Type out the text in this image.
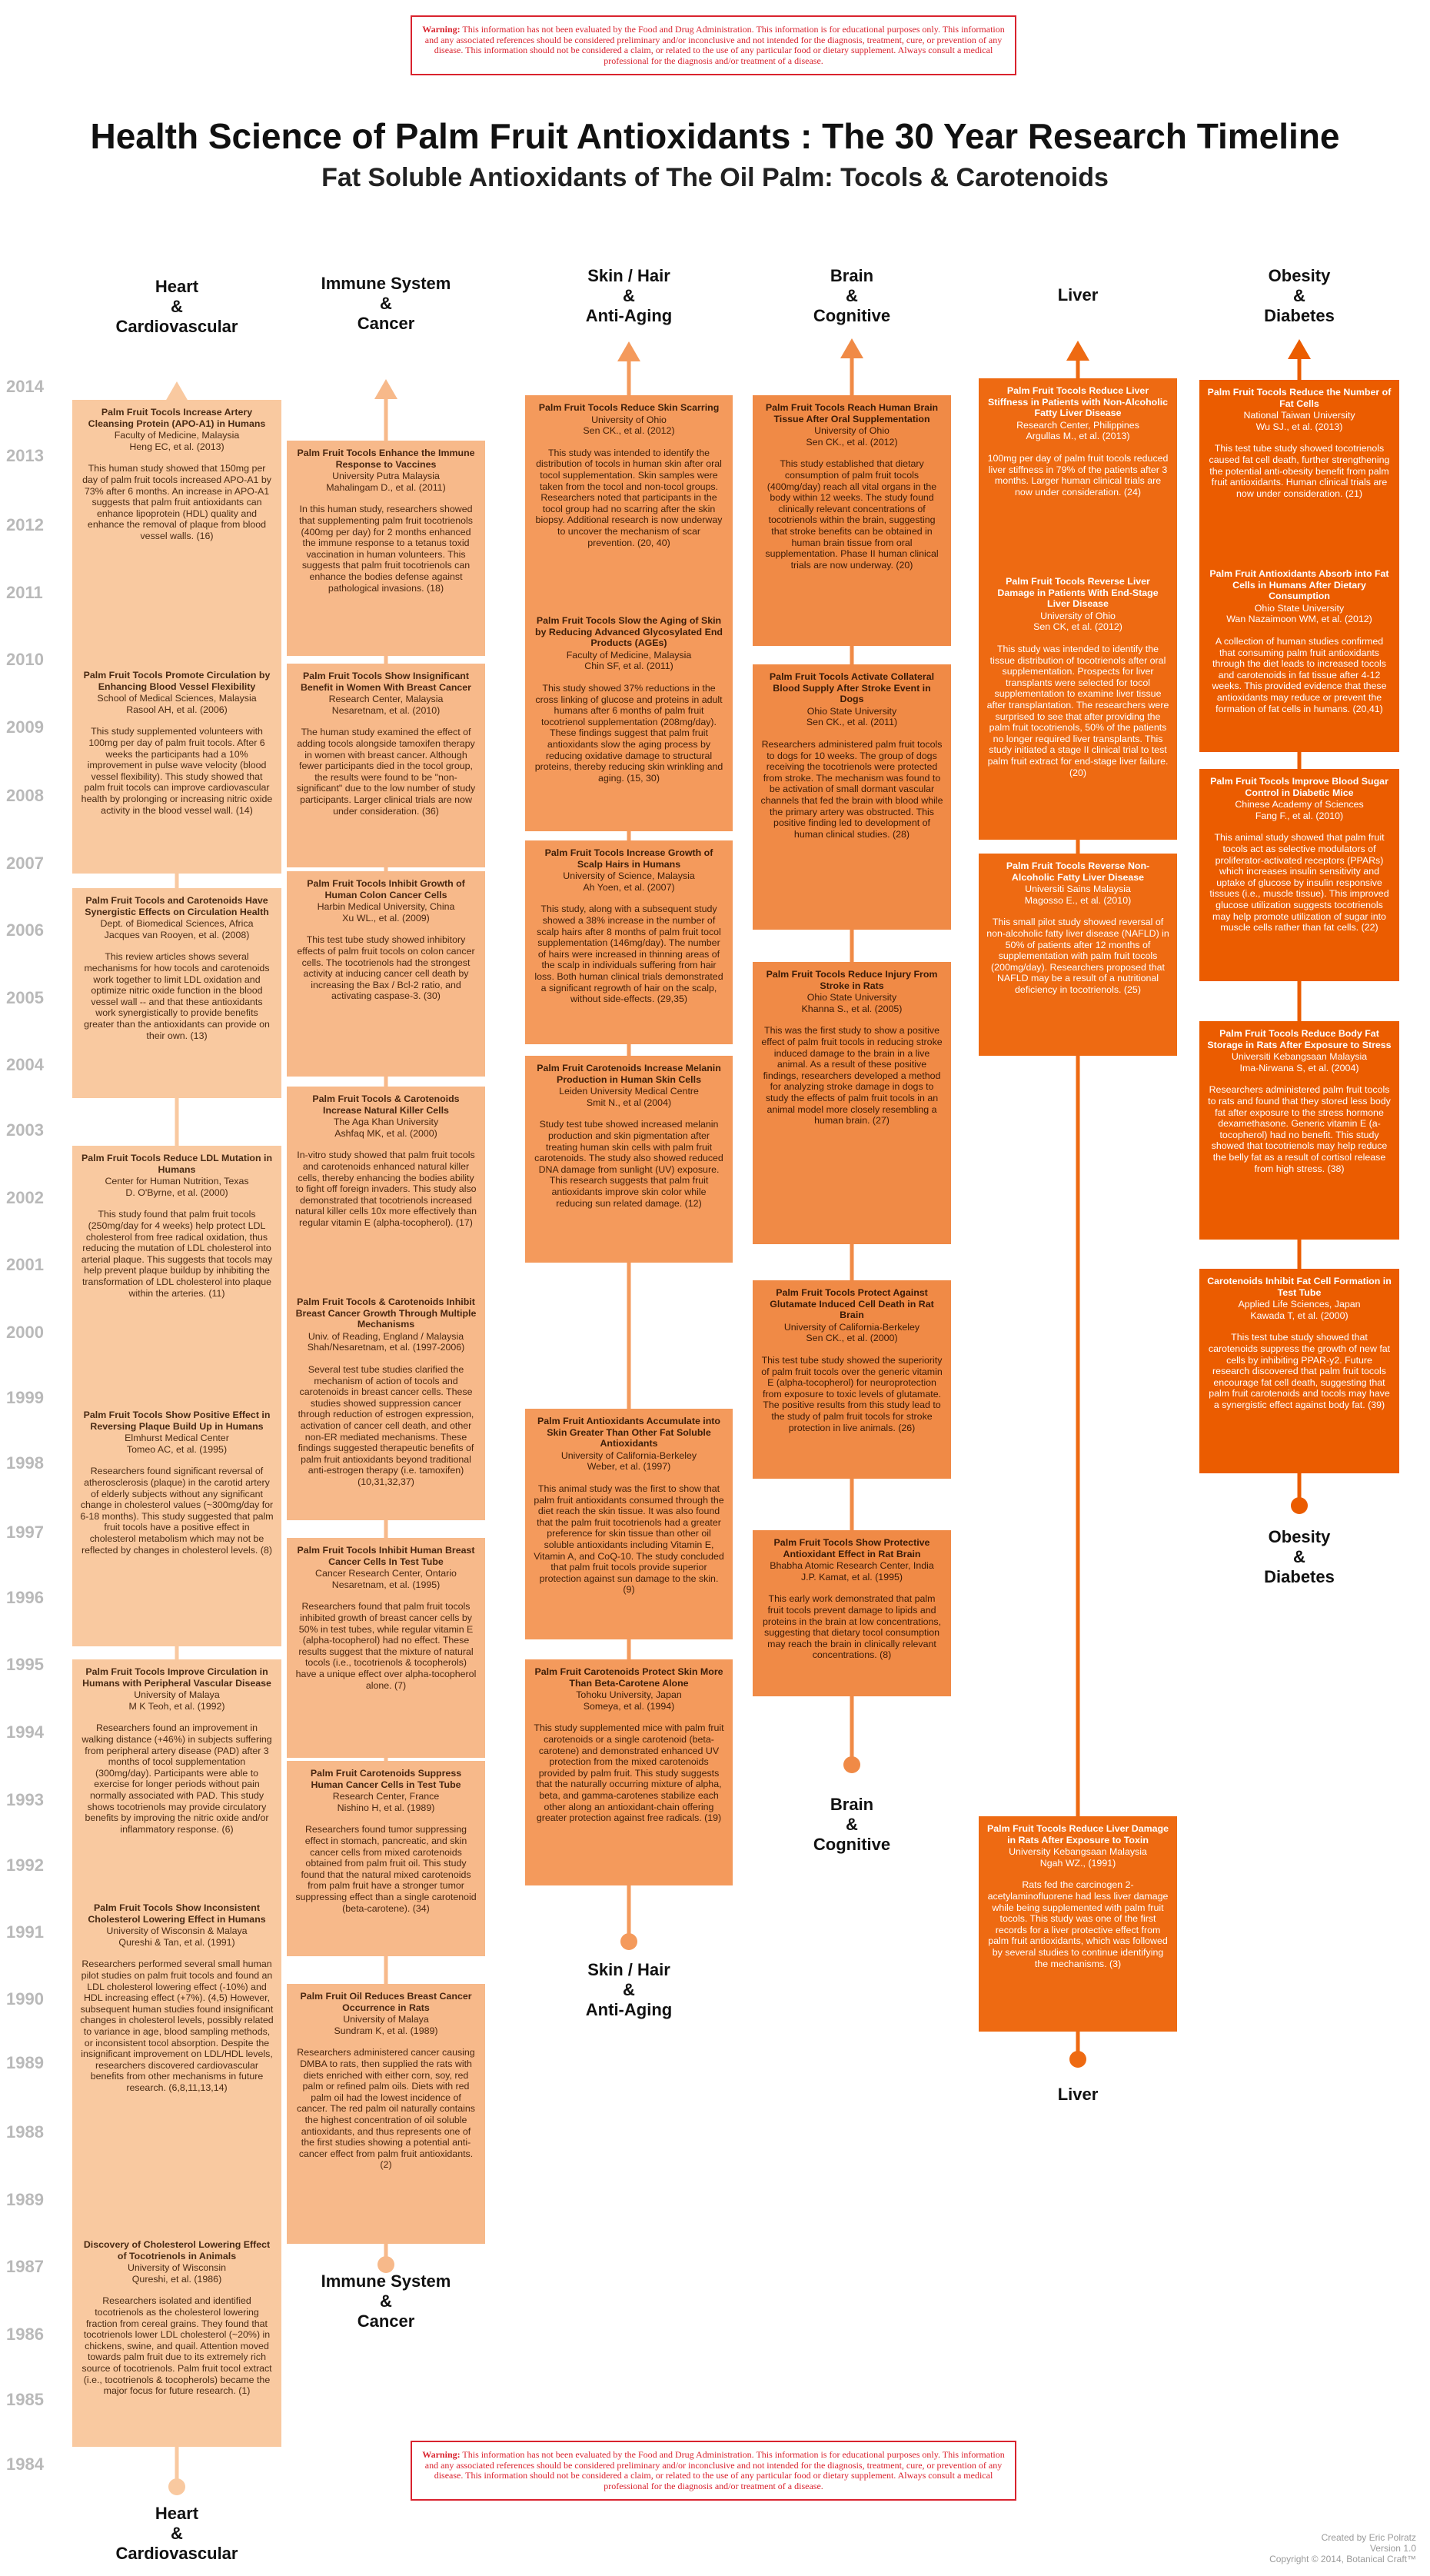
Warning: This information has not been evaluated by the Food and Drug Administration. This information is for educational purposes only. This information and any associated references should be considered preliminary and/or inconclusive and not intended for the diagnosis, treatment, cure, or prevention of any disease. This information should not be considered a claim, or related to the use of any particular food or dietary supplement. Always consult a medical professional for the diagnosis and/or treatment of a disease.
Health Science of Palm Fruit Antioxidants : The 30 Year Research Timeline
Fat Soluble Antioxidants of The Oil Palm: Tocols & Carotenoids
2014
2013
2012
2011
2010
2009
2008
2007
2006
2005
2004
2003
2002
2001
2000
1999
1998
1997
1996
1995
1994
1993
1992
1991
1990
1989
1988
1989
1987
1986
1985
1984
Heart
&
Cardiovascular
Heart
&
Cardiovascular
Immune System
&
Cancer
Immune System
&
Cancer
Skin / Hair
&
Anti-Aging
Skin / Hair
&
Anti-Aging
Brain
&
Cognitive
Brain
&
Cognitive
Liver
Liver
Obesity
&
Diabetes
Obesity
&
Diabetes
Palm Fruit Tocols Increase Artery Cleansing Protein (APO-A1) in Humans
Faculty of Medicine, Malaysia
Heng EC, et al. (2013)
This human study showed that 150mg per day of palm fruit tocols increased APO-A1 by 73% after 6 months. An increase in APO-A1 suggests that palm fruit antioxidants can enhance lipoprotein (HDL) quality and enhance the removal of plaque from blood vessel walls. (16)
Palm Fruit Tocols Promote Circulation by Enhancing Blood Vessel Flexibility
School of Medical Sciences, Malaysia
Rasool AH, et al. (2006)
This study supplemented volunteers with 100mg per day of palm fruit tocols. After 6 weeks the participants had a 10% improvement in pulse wave velocity (blood vessel flexibility). This study showed that palm fruit tocols can improve cardiovascular health by prolonging or increasing nitric oxide activity in the blood vessel wall. (14)
Palm Fruit Tocols and Carotenoids Have Synergistic Effects on Circulation Health
Dept. of Biomedical Sciences, Africa
Jacques van Rooyen, et al. (2008)
This review articles shows several mechanisms for how tocols and carotenoids work together to limit LDL oxidation and optimize nitric oxide function in the blood vessel wall -- and that these antioxidants work synergistically to provide benefits greater than the antioxidants can provide on their own. (13)
Palm Fruit Tocols Reduce LDL Mutation in Humans
Center for Human Nutrition, Texas
D. O'Byrne, et al. (2000)
This study found that palm fruit tocols (250mg/day for 4 weeks) help protect LDL cholesterol from free radical oxidation, thus reducing the mutation of LDL cholesterol into arterial plaque. This suggests that tocols may help prevent plaque buildup by inhibiting the transformation of LDL cholesterol into plaque within the arteries. (11)
Palm Fruit Tocols Show Positive Effect in Reversing Plaque Build Up in Humans
Elmhurst Medical Center
Tomeo AC, et al. (1995)
Researchers found significant reversal of atherosclerosis (plaque) in the carotid artery of elderly subjects without any significant change in cholesterol values (~300mg/day for 6-18 months). This study suggested that palm fruit tocols have a positive effect in cholesterol metabolism which may not be reflected by changes in cholesterol levels. (8)
Palm Fruit Tocols Improve Circulation in Humans with Peripheral Vascular Disease
University of Malaya
M K Teoh, et al. (1992)
Researchers found an improvement in walking distance (+46%) in subjects suffering from peripheral artery disease (PAD) after 3 months of tocol supplementation (300mg/day). Participants were able to exercise for longer periods without pain normally associated with PAD. This study shows tocotrienols may provide circulatory benefits by improving the nitric oxide and/or inflammatory response. (6)
Palm Fruit Tocols Show Inconsistent Cholesterol Lowering Effect in Humans
University of Wisconsin & Malaya
Qureshi & Tan, et al. (1991)
Researchers performed several small human pilot studies on palm fruit tocols and found an LDL cholesterol lowering effect (-10%) and HDL increasing effect (+7%). (4,5) However, subsequent human studies found insignificant changes in cholesterol levels, possibly related to variance in age, blood sampling methods, or inconsistent tocol absorption. Despite the insignificant improvement on LDL/HDL levels, researchers discovered cardiovascular benefits from other mechanisms in future research. (6,8,11,13,14)
Discovery of Cholesterol Lowering Effect of Tocotrienols in Animals
University of Wisconsin
Qureshi, et al. (1986)
Researchers isolated and identified tocotrienols as the cholesterol lowering fraction from cereal grains. They found that tocotrienols lower LDL cholesterol (~20%) in chickens, swine, and quail. Attention moved towards palm fruit due to its extremely rich source of tocotrienols. Palm fruit tocol extract (i.e., tocotrienols & tocopherols) became the major focus for future research. (1)
Palm Fruit Tocols Enhance the Immune Response to Vaccines
University Putra Malaysia
Mahalingam D., et al. (2011)
In this human study, researchers showed that supplementing palm fruit tocotrienols (400mg per day) for 2 months enhanced the immune response to a tetanus toxid vaccination in human volunteers. This suggests that palm fruit tocotrienols can enhance the bodies defense against pathological invasions. (18)
Palm Fruit Tocols Show Insignificant Benefit in Women With Breast Cancer
Research Center, Malaysia
Nesaretnam, et al. (2010)
The human study examined the effect of adding tocols alongside tamoxifen therapy in women with breast cancer. Although fewer participants died in the tocol group, the results were found to be "non-significant" due to the low number of study participants. Larger clinical trials are now under consideration. (36)
Palm Fruit Tocols Inhibit Growth of Human Colon Cancer Cells
Harbin Medical University, China
Xu WL., et al. (2009)
This test tube study showed inhibitory effects of palm fruit tocols on colon cancer cells. The tocotrienols had the strongest activity at inducing cancer cell death by increasing the Bax / Bcl-2 ratio, and activating caspase-3. (30)
Palm Fruit Tocols & Carotenoids Increase Natural Killer Cells
The Aga Khan University
Ashfaq MK, et al. (2000)
In-vitro study showed that palm fruit tocols and carotenoids enhanced natural killer cells, thereby enhancing the bodies ability to fight off foreign invaders. This study also demonstrated that tocotrienols increased natural killer cells 10x more effectively than regular vitamin E (alpha-tocopherol). (17)
Palm Fruit Tocols & Carotenoids Inhibit Breast Cancer Growth Through Multiple Mechanisms
Univ. of Reading, England / Malaysia
Shah/Nesaretnam, et al. (1997-2006)
Several test tube studies clarified the mechanism of action of tocols and carotenoids in breast cancer cells. These studies showed suppression cancer through reduction of estrogen expression, activation of cancer cell death, and other non-ER mediated mechanisms. These findings suggested therapeutic benefits of palm fruit antioxidants beyond traditional anti-estrogen therapy (i.e. tamoxifen) (10,31,32,37)
Palm Fruit Tocols Inhibit Human Breast Cancer Cells In Test Tube
Cancer Research Center, Ontario
Nesaretnam, et al. (1995)
Researchers found that palm fruit tocols inhibited growth of breast cancer cells by 50% in test tubes, while regular vitamin E (alpha-tocopherol) had no effect. These results suggest that the mixture of natural tocols (i.e., tocotrienols & tocopherols) have a unique effect over alpha-tocopherol alone. (7)
Palm Fruit Carotenoids Suppress Human Cancer Cells in Test Tube
Research Center, France
Nishino H, et al. (1989)
Researchers found tumor suppressing effect in stomach, pancreatic, and skin cancer cells from mixed carotenoids obtained from palm fruit oil. This study found that the natural mixed carotenoids from palm fruit have a stronger tumor suppressing effect than a single carotenoid (beta-carotene). (34)
Palm Fruit Oil Reduces Breast Cancer Occurrence in Rats
University of Malaya
Sundram K, et al. (1989)
Researchers administered cancer causing DMBA to rats, then supplied the rats with diets enriched with either corn, soy, red palm or refined palm oils. Diets with red palm oil had the lowest incidence of cancer. The red palm oil naturally contains the highest concentration of oil soluble antioxidants, and thus represents one of the first studies showing a potential anti-cancer effect from palm fruit antioxidants. (2)
Palm Fruit Tocols Reduce Skin Scarring
University of Ohio
Sen CK., et al. (2012)
This study was intended to identify the distribution of tocols in human skin after oral tocol supplementation. Skin samples were taken from the tocol and non-tocol groups. Researchers noted that participants in the tocol group had no scarring after the skin biopsy. Additional research is now underway to uncover the mechanism of scar prevention. (20, 40)
Palm Fruit Tocols Slow the Aging of Skin by Reducing Advanced Glycosylated End Products (AGEs)
Faculty of Medicine, Malaysia
Chin SF, et al. (2011)
This study showed 37% reductions in the cross linking of glucose and proteins in adult humans after 6 months of palm fruit tocotrienol supplementation (208mg/day). These findings suggest that palm fruit antioxidants slow the aging process by reducing oxidative damage to structural proteins, thereby reducing skin wrinkling and aging. (15, 30)
Palm Fruit Tocols Increase Growth of Scalp Hairs in Humans
University of Science, Malaysia
Ah Yoen, et al. (2007)
This study, along with a subsequent study showed a 38% increase in the number of scalp hairs after 8 months of palm fruit tocol supplementation (146mg/day). The number of hairs were increased in thinning areas of the scalp in individuals suffering from hair loss. Both human clinical trials demonstrated a significant regrowth of hair on the scalp, without side-effects. (29,35)
Palm Fruit Carotenoids Increase Melanin Production in Human Skin Cells
Leiden University Medical Centre
Smit N., et al (2004)
Study test tube showed increased melanin production and skin pigmentation after treating human skin cells with palm fruit carotenoids. The study also showed reduced DNA damage from sunlight (UV) exposure. This research suggests that palm fruit antioxidants improve skin color while reducing sun related damage. (12)
Palm Fruit Antioxidants Accumulate into Skin Greater Than Other Fat Soluble Antioxidants
University of California-Berkeley
Weber, et al. (1997)
This animal study was the first to show that palm fruit antioxidants consumed through the diet reach the skin tissue. It was also found that the palm fruit tocotrienols had a greater preference for skin tissue than other oil soluble antioxidants including Vitamin E, Vitamin A, and CoQ-10. The study concluded that palm fruit tocols provide superior protection against sun damage to the skin. (9)
Palm Fruit Carotenoids Protect Skin More Than Beta-Carotene Alone
Tohoku University, Japan
Someya, et al. (1994)
This study supplemented mice with palm fruit carotenoids or a single carotenoid (beta-carotene) and demonstrated enhanced UV protection from the mixed carotenoids provided by palm fruit. This study suggests that the naturally occurring mixture of alpha, beta, and gamma-carotenes stabilize each other along an antioxidant-chain offering greater protection against free radicals. (19)
Palm Fruit Tocols Reach Human Brain Tissue After Oral Supplementation
University of Ohio
Sen CK., et al. (2012)
This study established that dietary consumption of palm fruit tocols (400mg/day) reach all vital organs in the body within 12 weeks. The study found clinically relevant concentrations of tocotrienols within the brain, suggesting that stroke benefits can be obtained in human brain tissue from oral supplementation. Phase II human clinical trials are now underway. (20)
Palm Fruit Tocols Activate Collateral Blood Supply After Stroke Event in Dogs
Ohio State University
Sen CK., et al. (2011)
Researchers administered palm fruit tocols to dogs for 10 weeks. The group of dogs receiving the tocotrienols were protected from stroke. The mechanism was found to be activation of small dormant vascular channels that fed the brain with blood while the primary artery was obstructed. This positive finding led to development of human clinical studies. (28)
Palm Fruit Tocols Reduce Injury From Stroke in Rats
Ohio State University
Khanna S., et al. (2005)
This was the first study to show a positive effect of palm fruit tocols in reducing stroke induced damage to the brain in a live animal. As a result of these positive findings, researchers developed a method for analyzing stroke damage in dogs to study the effects of palm fruit tocols in an animal model more closely resembling a human brain. (27)
Palm Fruit Tocols Protect Against Glutamate Induced Cell Death in Rat Brain
University of California-Berkeley
Sen CK., et al. (2000)
This test tube study showed the superiority of palm fruit tocols over the generic vitamin E (alpha-tocopherol) for neuroprotection from exposure to toxic levels of glutamate. The positive results from this study lead to the study of palm fruit tocols for stroke protection in live animals. (26)
Palm Fruit Tocols Show Protective Antioxidant Effect in Rat Brain
Bhabha Atomic Research Center, India
J.P. Kamat, et al. (1995)
This early work demonstrated that palm fruit tocols prevent damage to lipids and proteins in the brain at low concentrations, suggesting that dietary tocol consumption may reach the brain in clinically relevant concentrations. (8)
Palm Fruit Tocols Reduce Liver Stiffness in Patients with Non-Alcoholic Fatty Liver Disease
Research Center, Philippines
Argullas M., et al. (2013)
100mg per day of palm fruit tocols reduced liver stiffness in 79% of the patients after 3 months. Larger human clinical trials are now under consideration. (24)
Palm Fruit Tocols Reverse Liver Damage in Patients With End-Stage Liver Disease
University of Ohio
Sen CK, et al. (2012)
This study was intended to identify the tissue distribution of tocotrienols after oral supplementation. Prospects for liver transplants were selected for tocol supplementation to examine liver tissue after transplantation. The researchers were surprised to see that after providing the palm fruit tocotrienols, 50% of the patients no longer required liver transplants. This study initiated a stage II clinical trial to test palm fruit extract for end-stage liver failure. (20)
Palm Fruit Tocols Reverse Non-Alcoholic Fatty Liver Disease
Universiti Sains Malaysia
Magosso E., et al. (2010)
This small pilot study showed reversal of non-alcoholic fatty liver disease (NAFLD) in 50% of patients after 12 months of supplementation with palm fruit tocols (200mg/day). Researchers proposed that NAFLD may be a result of a nutritional deficiency in tocotrienols. (25)
Palm Fruit Tocols Reduce Liver Damage in Rats After Exposure to Toxin
University Kebangsaan Malaysia
Ngah WZ., (1991)
Rats fed the carcinogen 2-acetylaminofluorene had less liver damage while being supplemented with palm fruit tocols. This study was one of the first records for a liver protective effect from palm fruit antioxidants, which was followed by several studies to continue identifying the mechanisms. (3)
Palm Fruit Tocols Reduce the Number of Fat Cells
National Taiwan University
Wu SJ., et al. (2013)
This test tube study showed tocotrienols caused fat cell death, further strengthening the potential anti-obesity benefit from palm fruit antioxidants. Human clinical trials are now under consideration. (21)
Palm Fruit Antioxidants Absorb into Fat Cells in Humans After Dietary Consumption
Ohio State University
Wan Nazaimoon WM, et al. (2012)
A collection of human studies confirmed that consuming palm fruit antioxidants through the diet leads to increased tocols and carotenoids in fat tissue after 4-12 weeks. This provided evidence that these antioxidants may reduce or prevent the formation of fat cells in humans. (20,41)
Palm Fruit Tocols Improve Blood Sugar Control in Diabetic Mice
Chinese Academy of Sciences
Fang F., et al. (2010)
This animal study showed that palm fruit tocols act as selective modulators of proliferator-activated receptors (PPARs) which increases insulin sensitivity and uptake of glucose by insulin responsive tissues (i.e., muscle tissue). This improved glucose utilization suggests tocotrienols may help promote utilization of sugar into muscle cells rather than fat cells. (22)
Palm Fruit Tocols Reduce Body Fat Storage in Rats After Exposure to Stress
Universiti Kebangsaan Malaysia
Ima-Nirwana S, et al. (2004)
Researchers administered palm fruit tocols to rats and found that they stored less body fat after exposure to the stress hormone dexamethasone. Generic vitamin E (a-tocopherol) had no benefit. This study showed that tocotrienols may help reduce the belly fat as a result of cortisol release from high stress. (38)
Carotenoids Inhibit Fat Cell Formation in Test Tube
Applied Life Sciences, Japan
Kawada T, et al. (2000)
This test tube study showed that carotenoids suppress the growth of new fat cells by inhibiting PPAR-y2. Future research discovered that palm fruit tocols encourage fat cell death, suggesting that palm fruit carotenoids and tocols may have a synergistic effect against body fat. (39)
Warning: This information has not been evaluated by the Food and Drug Administration. This information is for educational purposes only. This information and any associated references should be considered preliminary and/or inconclusive and not intended for the diagnosis, treatment, cure, or prevention of any disease. This information should not be considered a claim, or related to the use of any particular food or dietary supplement. Always consult a medical professional for the diagnosis and/or treatment of a disease.
Created by Eric Polratz
Version 1.0
Copyright © 2014, Botanical Craft™
